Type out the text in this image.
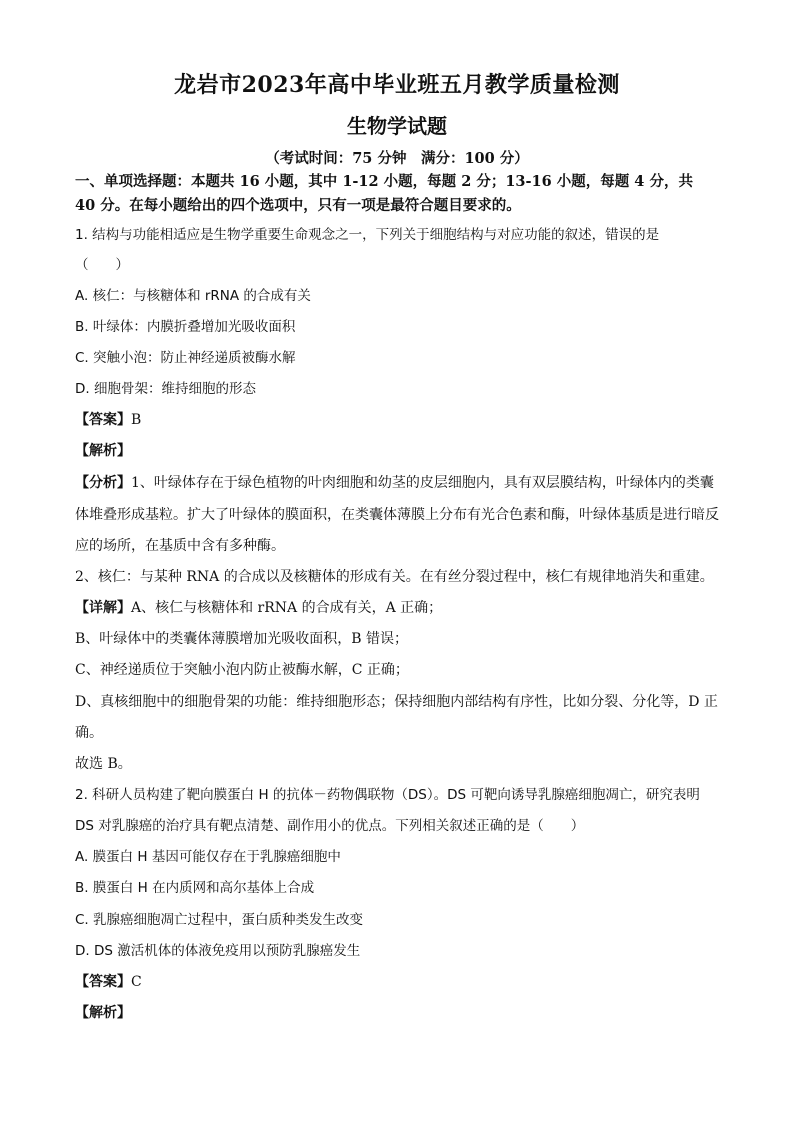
龙岩市2023年高中毕业班五月教学质量检测
生物学试题
（考试时间：75 分钟　满分：100 分）
一、单项选择题：本题共 16 小题，其中 1-12 小题，每题 2 分；13-16 小题，每题 4 分，共
40 分。在每小题给出的四个选项中，只有一项是最符合题目要求的。
1. 结构与功能相适应是生物学重要生命观念之一，下列关于细胞结构与对应功能的叙述，错误的是
（　　）
A. 核仁：与核糖体和 rRNA 的合成有关
B. 叶绿体：内膜折叠增加光吸收面积
C. 突触小泡：防止神经递质被酶水解
D. 细胞骨架：维持细胞的形态
【答案】B
【解析】
【分析】1、叶绿体存在于绿色植物的叶肉细胞和幼茎的皮层细胞内，具有双层膜结构，叶绿体内的类囊
体堆叠形成基粒。扩大了叶绿体的膜面积，在类囊体薄膜上分布有光合色素和酶，叶绿体基质是进行暗反
应的场所，在基质中含有多种酶。
2、核仁：与某种 RNA 的合成以及核糖体的形成有关。在有丝分裂过程中，核仁有规律地消失和重建。
【详解】A、核仁与核糖体和 rRNA 的合成有关，A 正确；
B、叶绿体中的类囊体薄膜增加光吸收面积，B 错误；
C、神经递质位于突触小泡内防止被酶水解，C 正确；
D、真核细胞中的细胞骨架的功能：维持细胞形态；保持细胞内部结构有序性，比如分裂、分化等，D 正
确。
故选 B。
2. 科研人员构建了靶向膜蛋白 H 的抗体－药物偶联物（DS）。DS 可靶向诱导乳腺癌细胞凋亡，研究表明
DS 对乳腺癌的治疗具有靶点清楚、副作用小的优点。下列相关叙述正确的是（　　）
A. 膜蛋白 H 基因可能仅存在于乳腺癌细胞中
B. 膜蛋白 H 在内质网和高尔基体上合成
C. 乳腺癌细胞凋亡过程中，蛋白质种类发生改变
D. DS 激活机体的体液免疫用以预防乳腺癌发生
【答案】C
【解析】
